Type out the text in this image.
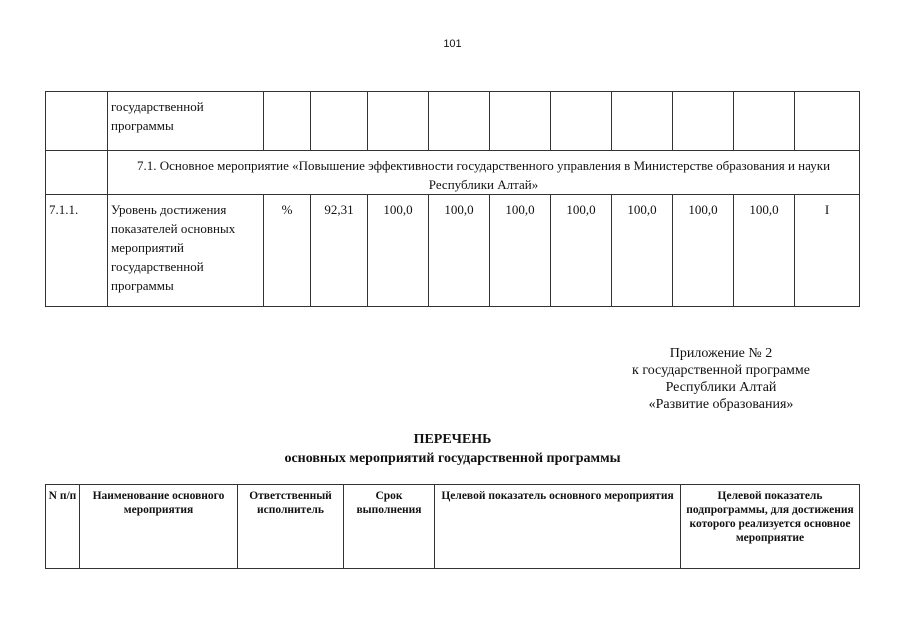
101
	государственной программы										
	7.1. Основное мероприятие «Повышение эффективности государственного управления в Министерстве образования и науки Республики Алтай»										
7.1.1.	Уровень достижения показателей основных мероприятий государственной программы	%	92,31	100,0	100,0	100,0	100,0	100,0	100,0	100,0	I
Приложение № 2
к государственной программе
Республики Алтай
«Развитие образования»
ПЕРЕЧЕНЬ
основных мероприятий государственной программы
N п/п	Наименование основного мероприятия	Ответственный исполнитель	Срок выполнения	Целевой показатель основного мероприятия	Целевой показатель подпрограммы, для достижения которого реализуется основное мероприятие
